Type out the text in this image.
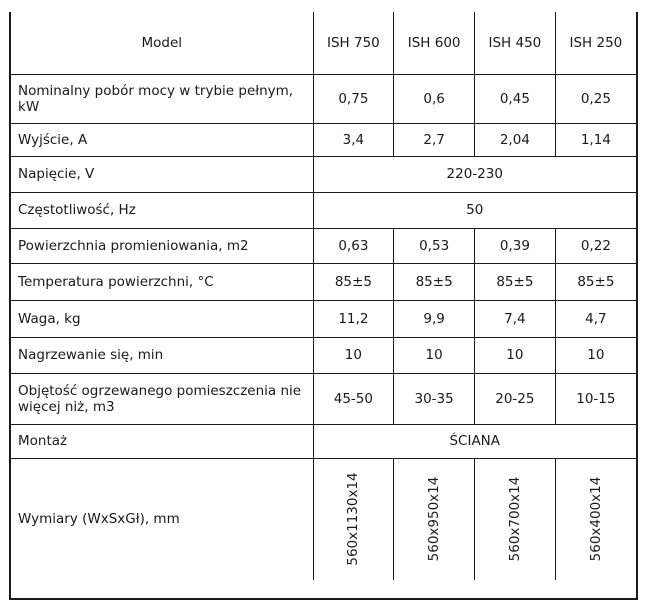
Model	ISH 750	ISH 600	ISH 450	ISH 250
Nominalny pobór mocy w trybie pełnym, kW	0,75	0,6	0,45	0,25
Wyjście, A	3,4	2,7	2,04	1,14
Napięcie, V	220-230			
Częstotliwość, Hz	50			
Powierzchnia promieniowania, m2	0,63	0,53	0,39	0,22
Temperatura powierzchni, °C	85±5	85±5	85±5	85±5
Waga, kg	11,2	9,9	7,4	4,7
Nagrzewanie się, min	10	10	10	10
Objętość ogrzewanego pomieszczenia nie więcej niż, m3	45-50	30-35	20-25	10-15
Montaż	ŚCIANA			
Wymiary (WxSxGł), mm	560x1130x14	560x950x14	560x700x14	560x400x14
